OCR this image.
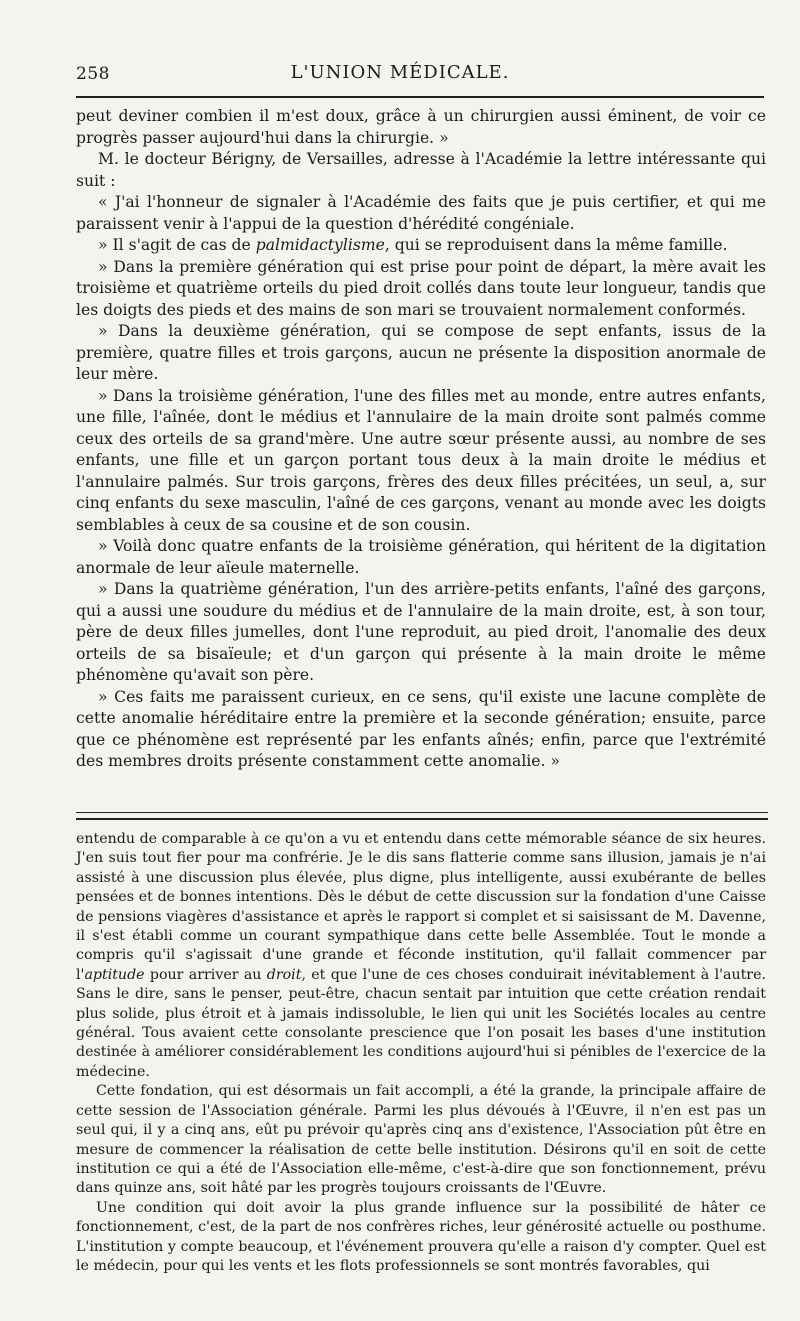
258	L'UNION MÉDICALE.

peut deviner combien il m'est doux, grâce à un chirurgien aussi éminent, de voir ce progrès passer aujourd'hui dans la chirurgie. »

M. le docteur Bérigny, de Versailles, adresse à l'Académie la lettre intéressante qui suit :

« J'ai l'honneur de signaler à l'Académie des faits que je puis certifier, et qui me paraissent venir à l'appui de la question d'hérédité congéniale.

» Il s'agit de cas de palmidactylisme, qui se reproduisent dans la même famille.

» Dans la première génération qui est prise pour point de départ, la mère avait les troisième et quatrième orteils du pied droit collés dans toute leur longueur, tandis que les doigts des pieds et des mains de son mari se trouvaient normalement conformés.

» Dans la deuxième génération, qui se compose de sept enfants, issus de la première, quatre filles et trois garçons, aucun ne présente la disposition anormale de leur mère.

» Dans la troisième génération, l'une des filles met au monde, entre autres enfants, une fille, l'aînée, dont le médius et l'annulaire de la main droite sont palmés comme ceux des orteils de sa grand'mère. Une autre sœur présente aussi, au nombre de ses enfants, une fille et un garçon portant tous deux à la main droite le médius et l'annulaire palmés. Sur trois garçons, frères des deux filles précitées, un seul, a, sur cinq enfants du sexe masculin, l'aîné de ces garçons, venant au monde avec les doigts semblables à ceux de sa cousine et de son cousin.

» Voilà donc quatre enfants de la troisième génération, qui héritent de la digitation anormale de leur aïeule maternelle.

» Dans la quatrième génération, l'un des arrière-petits enfants, l'aîné des garçons, qui a aussi une soudure du médius et de l'annulaire de la main droite, est, à son tour, père de deux filles jumelles, dont l'une reproduit, au pied droit, l'anomalie des deux orteils de sa bisaïeule; et d'un garçon qui présente à la main droite le même phénomène qu'avait son père.

» Ces faits me paraissent curieux, en ce sens, qu'il existe une lacune complète de cette anomalie héréditaire entre la première et la seconde génération; ensuite, parce que ce phénomène est représenté par les enfants aînés; enfin, parce que l'extrémité des membres droits présente constamment cette anomalie. »

entendu de comparable à ce qu'on a vu et entendu dans cette mémorable séance de six heures. J'en suis tout fier pour ma confrérie. Je le dis sans flatterie comme sans illusion, jamais je n'ai assisté à une discussion plus élevée, plus digne, plus intelligente, aussi exubérante de belles pensées et de bonnes intentions. Dès le début de cette discussion sur la fondation d'une Caisse de pensions viagères d'assistance et après le rapport si complet et si saisissant de M. Davenne, il s'est établi comme un courant sympathique dans cette belle Assemblée. Tout le monde a compris qu'il s'agissait d'une grande et féconde institution, qu'il fallait commencer par l'aptitude pour arriver au droit, et que l'une de ces choses conduirait inévitablement à l'autre. Sans le dire, sans le penser, peut-être, chacun sentait par intuition que cette création rendait plus solide, plus étroit et à jamais indissoluble, le lien qui unit les Sociétés locales au centre général. Tous avaient cette consolante prescience que l'on posait les bases d'une institution destinée à améliorer considérablement les conditions aujourd'hui si pénibles de l'exercice de la médecine.

Cette fondation, qui est désormais un fait accompli, a été la grande, la principale affaire de cette session de l'Association générale. Parmi les plus dévoués à l'Œuvre, il n'en est pas un seul qui, il y a cinq ans, eût pu prévoir qu'après cinq ans d'existence, l'Association pût être en mesure de commencer la réalisation de cette belle institution. Désirons qu'il en soit de cette institution ce qui a été de l'Association elle-même, c'est-à-dire que son fonctionnement, prévu dans quinze ans, soit hâté par les progrès toujours croissants de l'Œuvre.

Une condition qui doit avoir la plus grande influence sur la possibilité de hâter ce fonctionnement, c'est, de la part de nos confrères riches, leur générosité actuelle ou posthume. L'institution y compte beaucoup, et l'événement prouvera qu'elle a raison d'y compter. Quel est le médecin, pour qui les vents et les flots professionnels se sont montrés favorables, qui
